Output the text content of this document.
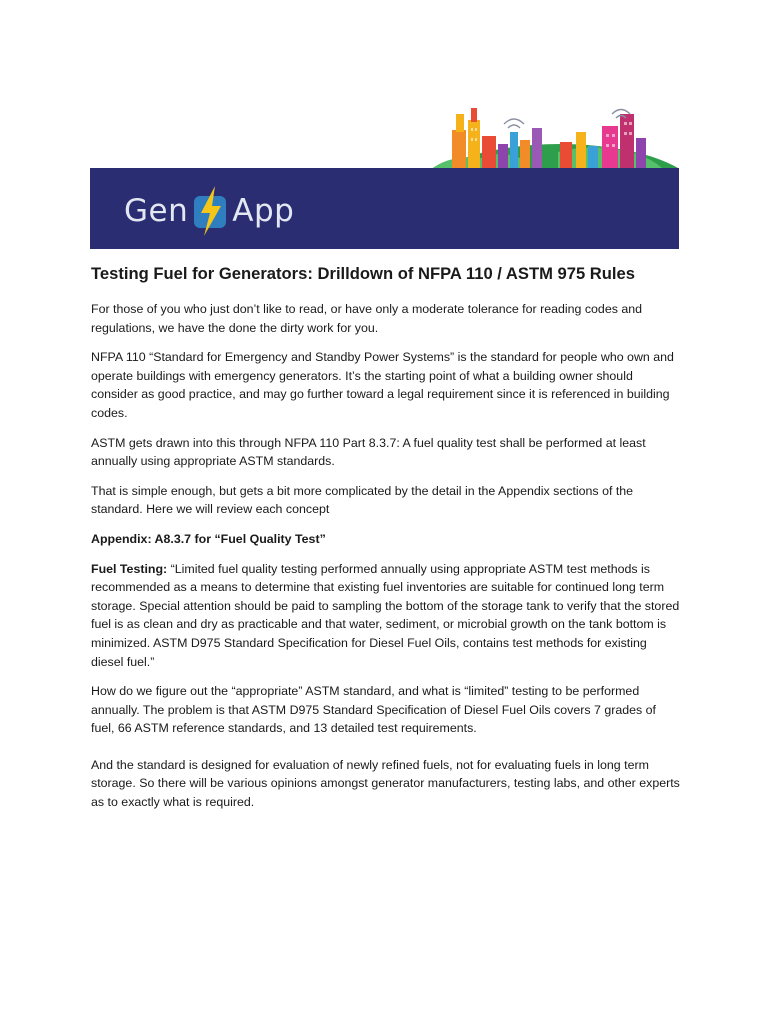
Gen App
Testing Fuel for Generators: Drilldown of NFPA 110 / ASTM 975 Rules

For those of you who just don’t like to read, or have only a moderate tolerance for reading codes and regulations, we have the done the dirty work for you.

NFPA 110 “Standard for Emergency and Standby Power Systems” is the standard for people who own and operate buildings with emergency generators. It’s the starting point of what a building owner should consider as good practice, and may go further toward a legal requirement since it is referenced in building codes.

ASTM gets drawn into this through NFPA 110 Part 8.3.7: A fuel quality test shall be performed at least annually using appropriate ASTM standards.

That is simple enough, but gets a bit more complicated by the detail in the Appendix sections of the standard. Here we will review each concept

Appendix: A8.3.7 for “Fuel Quality Test”

Fuel Testing: “Limited fuel quality testing performed annually using appropriate ASTM test methods is recommended as a means to determine that existing fuel inventories are suitable for continued long term storage. Special attention should be paid to sampling the bottom of the storage tank to verify that the stored fuel is as clean and dry as practicable and that water, sediment, or microbial growth on the tank bottom is minimized. ASTM D975 Standard Specification for Diesel Fuel Oils, contains test methods for existing diesel fuel.”

How do we figure out the “appropriate” ASTM standard, and what is “limited” testing to be performed annually. The problem is that ASTM D975 Standard Specification of Diesel Fuel Oils covers 7 grades of fuel, 66 ASTM reference standards, and 13 detailed test requirements.

And the standard is designed for evaluation of newly refined fuels, not for evaluating fuels in long term storage. So there will be various opinions amongst generator manufacturers, testing labs, and other experts as to exactly what is required.
